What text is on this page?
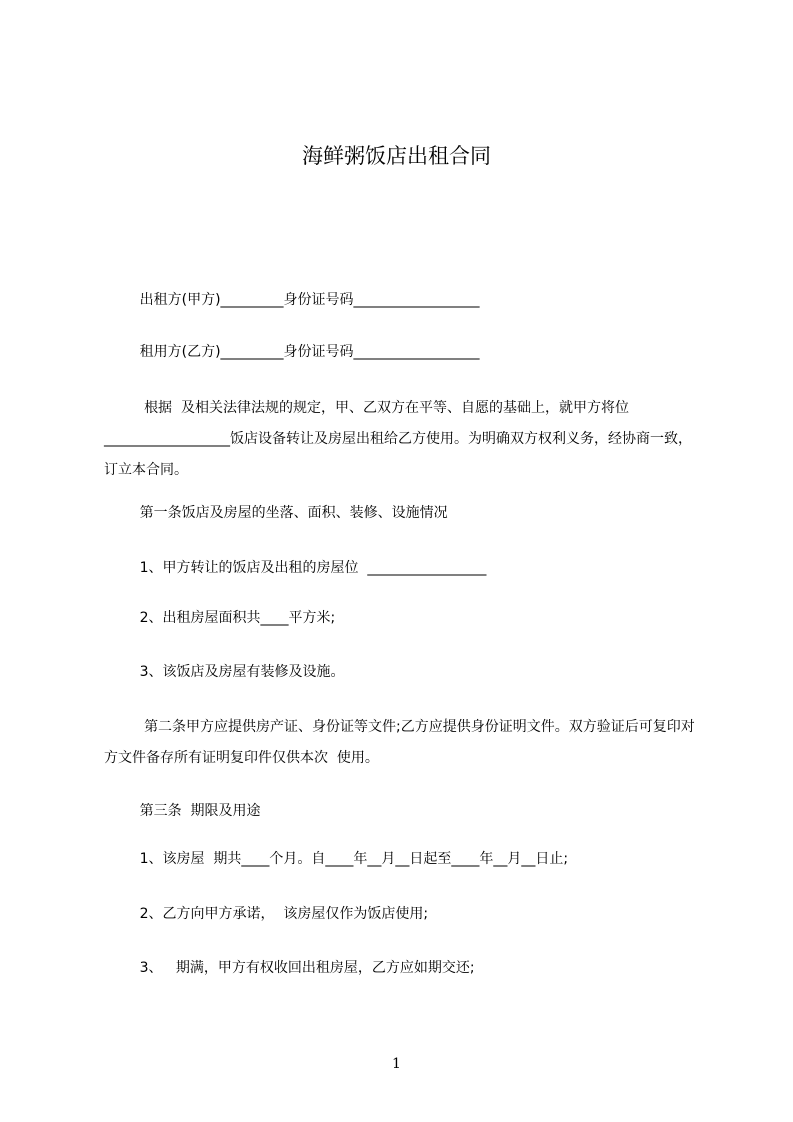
海鲜粥饭店出租合同

出租方(甲方)_________身份证号码__________________

租用方(乙方)_________身份证号码__________________

根据  及相关法律法规的规定，甲、乙双方在平等、自愿的基础上，就甲方将位  __________________饭店设备转让及房屋出租给乙方使用。为明确双方权利义务，经协商一致，订立本合同。

第一条饭店及房屋的坐落、面积、装修、设施情况

1、甲方转让的饭店及出租的房屋位  _________________

2、出租房屋面积共____平方米;

3、该饭店及房屋有装修及设施。

第二条甲方应提供房产证、身份证等文件;乙方应提供身份证明文件。双方验证后可复印对方文件备存所有证明复印件仅供本次  使用。

第三条  期限及用途

1、该房屋  期共____个月。自____年__月__日起至____年__月__日止;

2、乙方向甲方承诺，  该房屋仅作为饭店使用;

3、   期满，甲方有权收回出租房屋，乙方应如期交还;

1
